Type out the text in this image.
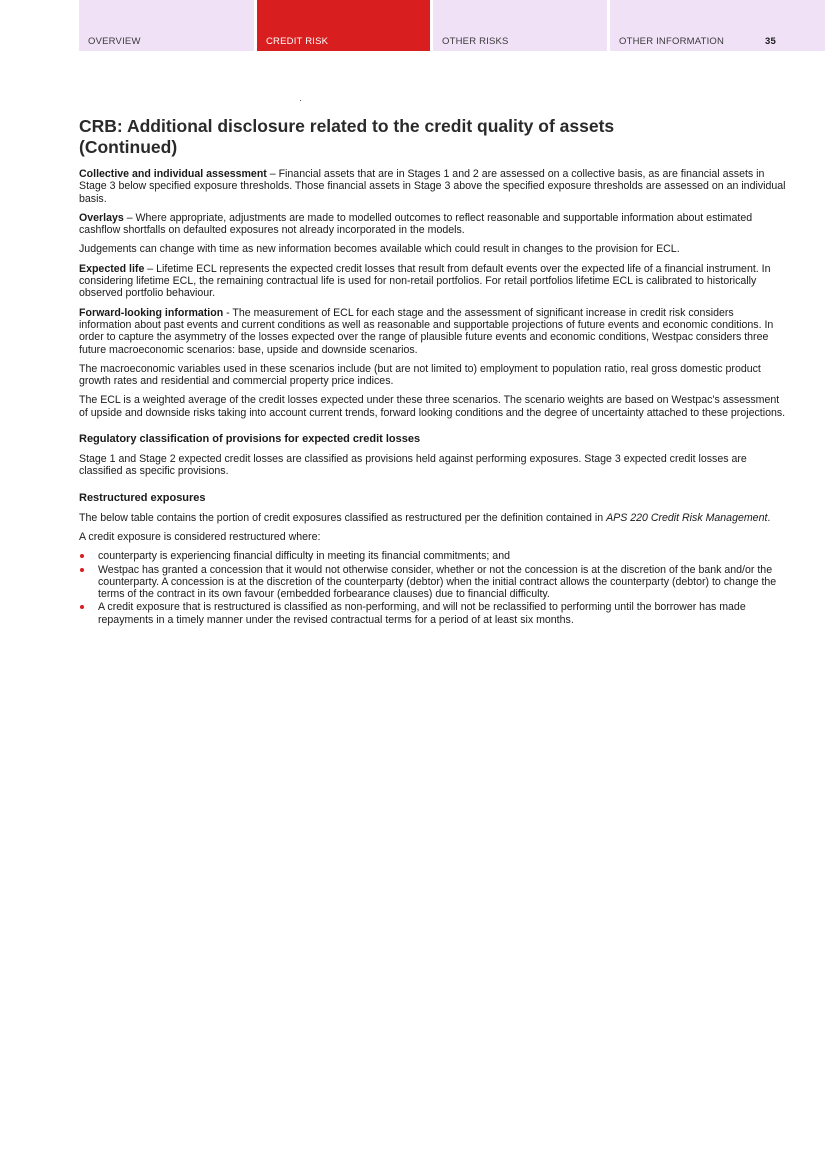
OVERVIEW	CREDIT RISK	OTHER RISKS	OTHER INFORMATION	35
CRB: Additional disclosure related to the credit quality of assets (Continued)

Collective and individual assessment – Financial assets that are in Stages 1 and 2 are assessed on a collective basis, as are financial assets in Stage 3 below specified exposure thresholds. Those financial assets in Stage 3 above the specified exposure thresholds are assessed on an individual basis.

Overlays – Where appropriate, adjustments are made to modelled outcomes to reflect reasonable and supportable information about estimated cashflow shortfalls on defaulted exposures not already incorporated in the models.

Judgements can change with time as new information becomes available which could result in changes to the provision for ECL.

Expected life – Lifetime ECL represents the expected credit losses that result from default events over the expected life of a financial instrument. In considering lifetime ECL, the remaining contractual life is used for non-retail portfolios. For retail portfolios lifetime ECL is calibrated to historically observed portfolio behaviour.

Forward-looking information - The measurement of ECL for each stage and the assessment of significant increase in credit risk considers information about past events and current conditions as well as reasonable and supportable projections of future events and economic conditions. In order to capture the asymmetry of the losses expected over the range of plausible future events and economic conditions, Westpac considers three future macroeconomic scenarios: base, upside and downside scenarios.

The macroeconomic variables used in these scenarios include (but are not limited to) employment to population ratio, real gross domestic product growth rates and residential and commercial property price indices.

The ECL is a weighted average of the credit losses expected under these three scenarios. The scenario weights are based on Westpac's assessment of upside and downside risks taking into account current trends, forward looking conditions and the degree of uncertainty attached to these projections.

Regulatory classification of provisions for expected credit losses

Stage 1 and Stage 2 expected credit losses are classified as provisions held against performing exposures. Stage 3 expected credit losses are classified as specific provisions.

Restructured exposures

The below table contains the portion of credit exposures classified as restructured per the definition contained in APS 220 Credit Risk Management.

A credit exposure is considered restructured where:

counterparty is experiencing financial difficulty in meeting its financial commitments; and
Westpac has granted a concession that it would not otherwise consider, whether or not the concession is at the discretion of the bank and/or the counterparty. A concession is at the discretion of the counterparty (debtor) when the initial contract allows the counterparty (debtor) to change the terms of the contract in its own favour (embedded forbearance clauses) due to financial difficulty.
A credit exposure that is restructured is classified as non-performing, and will not be reclassified to performing until the borrower has made repayments in a timely manner under the revised contractual terms for a period of at least six months.
